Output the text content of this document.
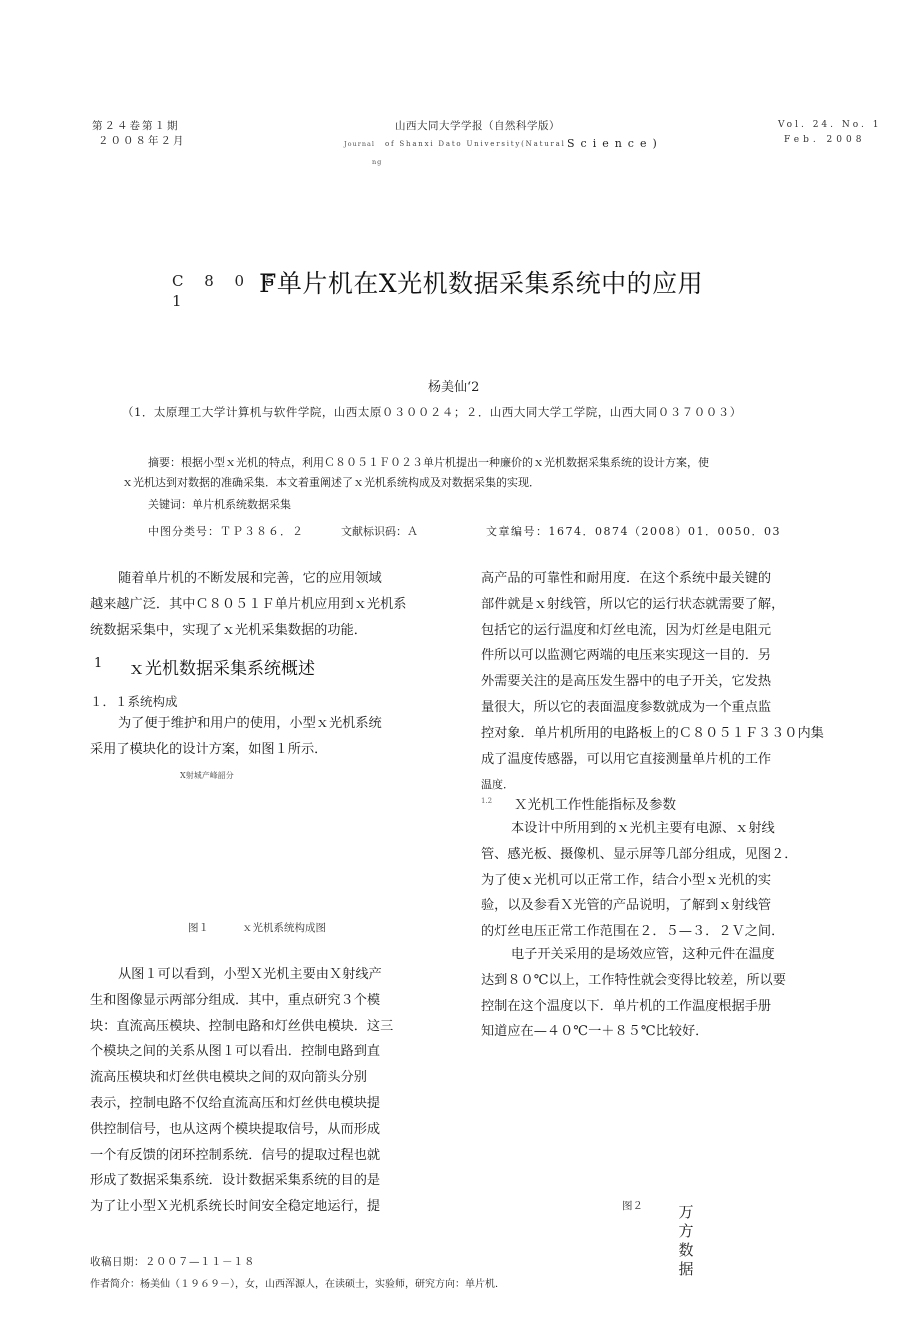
第２４卷第１期
２００８年２月
山西大同大学学报（自然科学版）
Journal of Shanxi Dato University(Natural Science)
ng
Vol. 24. No. 1
Feb. 2008
C 8 0 5
1
F单片机在X光机数据采集系统中的应用
杨美仙‘2
（1．太原理工大学计算机与软件学院，山西太原０３００２４；２．山西大同大学工学院，山西大同０３７００３）
摘要：根据小型ｘ光机的特点，利用Ｃ８０５１Ｆ０２３单片机提出一种廉价的ｘ光机数据采集系统的设计方案，使
ｘ光机达到对数据的准确采集．本文着重阐述了ｘ光机系统构成及对数据采集的实现．
关键词：单片机系统数据采集
中图分类号：ＴＰ３８６．２	文献标识码：Ａ	文章编号：1674．0874（2008）01．0050．03

随着单片机的不断发展和完善，它的应用领域

越来越广泛．其中Ｃ８０５１Ｆ单片机应用到ｘ光机系

统数据采集中，实现了ｘ光机采集数据的功能．

1 ｘ光机数据采集系统概述
１．１系统构成

为了便于维护和用户的使用，小型ｘ光机系统

采用了模块化的设计方案，如图１所示．

X射城产峰韶分
图１	ｘ光机系统构成图

从图１可以看到，小型Ｘ光机主要由Ｘ射线产

生和图像显示两部分组成．其中，重点研究３个模

块：直流高压模块、控制电路和灯丝供电模块．这三

个模块之间的关系从图１可以看出．控制电路到直

流高压模块和灯丝供电模块之间的双向箭头分别

表示，控制电路不仅给直流高压和灯丝供电模块提

供控制信号，也从这两个模块提取信号，从而形成

一个有反馈的闭环控制系统．信号的提取过程也就

形成了数据采集系统．设计数据采集系统的目的是

为了让小型Ｘ光机系统长时间安全稳定地运行，提

高产品的可靠性和耐用度．在这个系统中最关键的

部件就是ｘ射线管，所以它的运行状态就需要了解，

包括它的运行温度和灯丝电流，因为灯丝是电阻元

件所以可以监测它两端的电压来实现这一目的．另

外需要关注的是高压发生器中的电子开关，它发热

量很大，所以它的表面温度参数就成为一个重点监

控对象．单片机所用的电路板上的Ｃ８０５１Ｆ３３０内集

成了温度传感器，可以用它直接测量单片机的工作

温度．

1.2 Ｘ光机工作性能指标及参数

本设计中所用到的ｘ光机主要有电源、ｘ射线

管、感光板、摄像机、显示屏等几部分组成，见图２．

为了使ｘ光机可以正常工作，结合小型ｘ光机的实

验，以及参看Ｘ光管的产品说明，了解到ｘ射线管

的灯丝电压正常工作范围在２．５—３．２Ｖ之间．

电子开关采用的是场效应管，这种元件在温度

达到８０℃以上，工作特性就会变得比较差，所以要

控制在这个温度以下．单片机的工作温度根据手册

知道应在—４０℃一＋８５℃比较好．

图２ 万方数据
收稿日期：２００７—１１－１８
作者简介：杨美仙（１９６９－），女，山西浑源人，在读硕士，实验师，研究方向：单片机．
